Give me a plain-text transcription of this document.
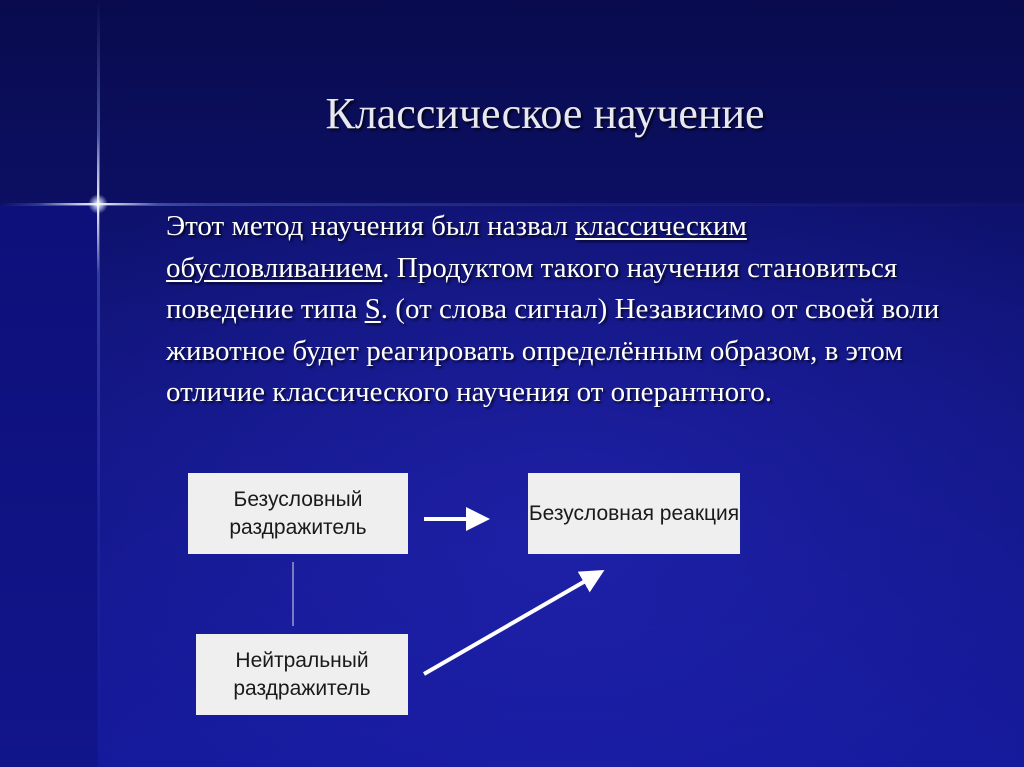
Классическое научение

Этот метод научения был назвал классическим обусловливанием. Продуктом такого научения становиться поведение типа S. (от слова сигнал) Независимо от своей воли животное будет реагировать определённым образом, в этом отличие классического научения от оперантного.

Безусловный раздражитель
Безусловная реакция
Нейтральный раздражитель
